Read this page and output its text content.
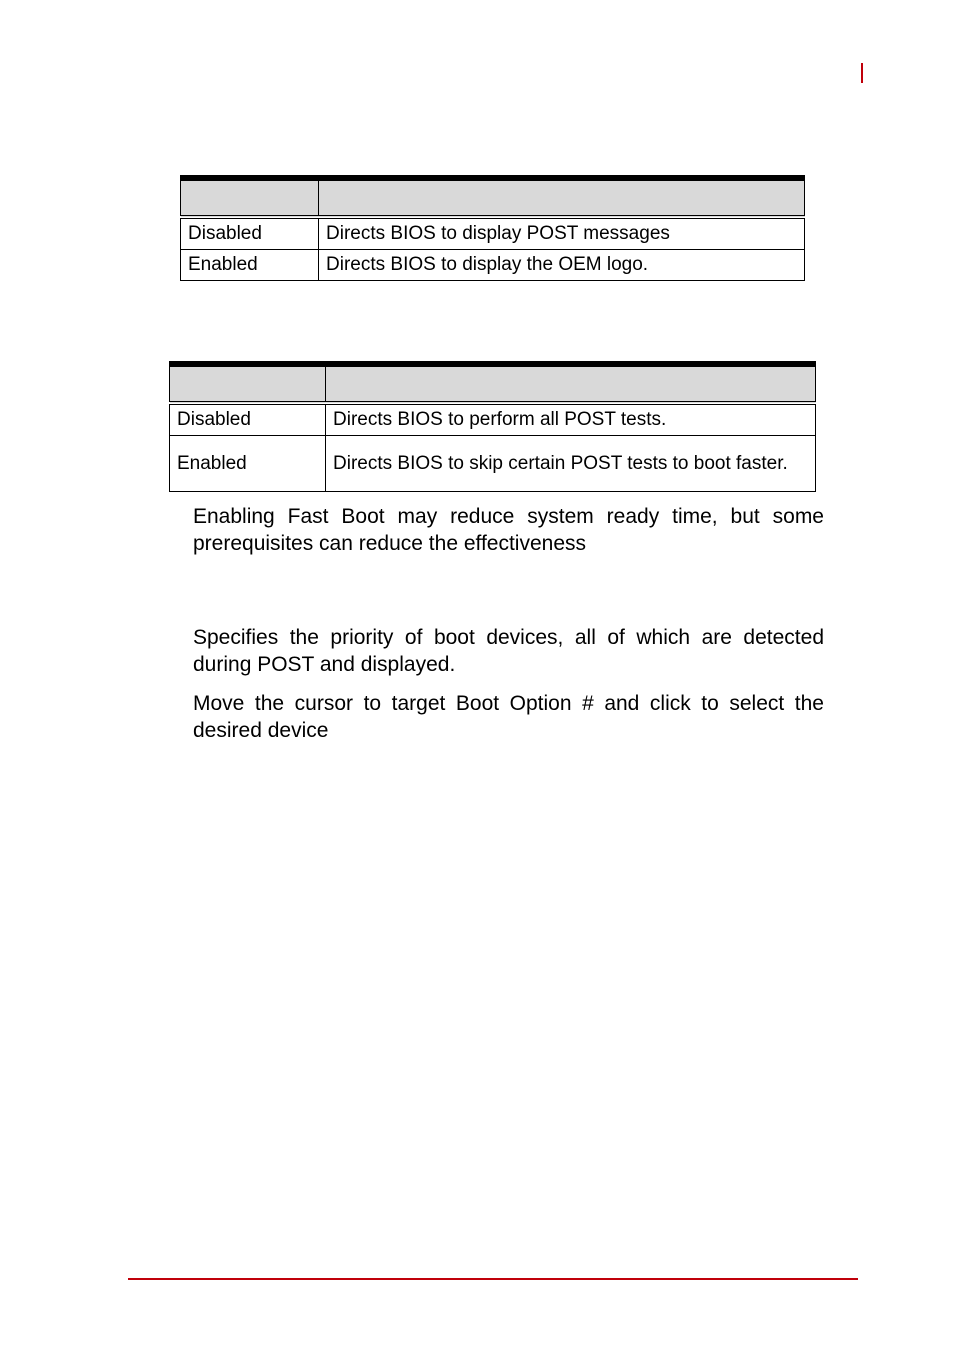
Disabled	Directs BIOS to display POST messages
Enabled	Directs BIOS to display the OEM logo.

Disabled	Directs BIOS to perform all POST tests.
Enabled	Directs BIOS to skip certain POST tests to boot faster.

Enabling Fast Boot may reduce system ready time, but some prerequisites can reduce the effectiveness

Specifies the priority of boot devices, all of which are detected during POST and displayed.

Move the cursor to target Boot Option # and click to select the desired device
